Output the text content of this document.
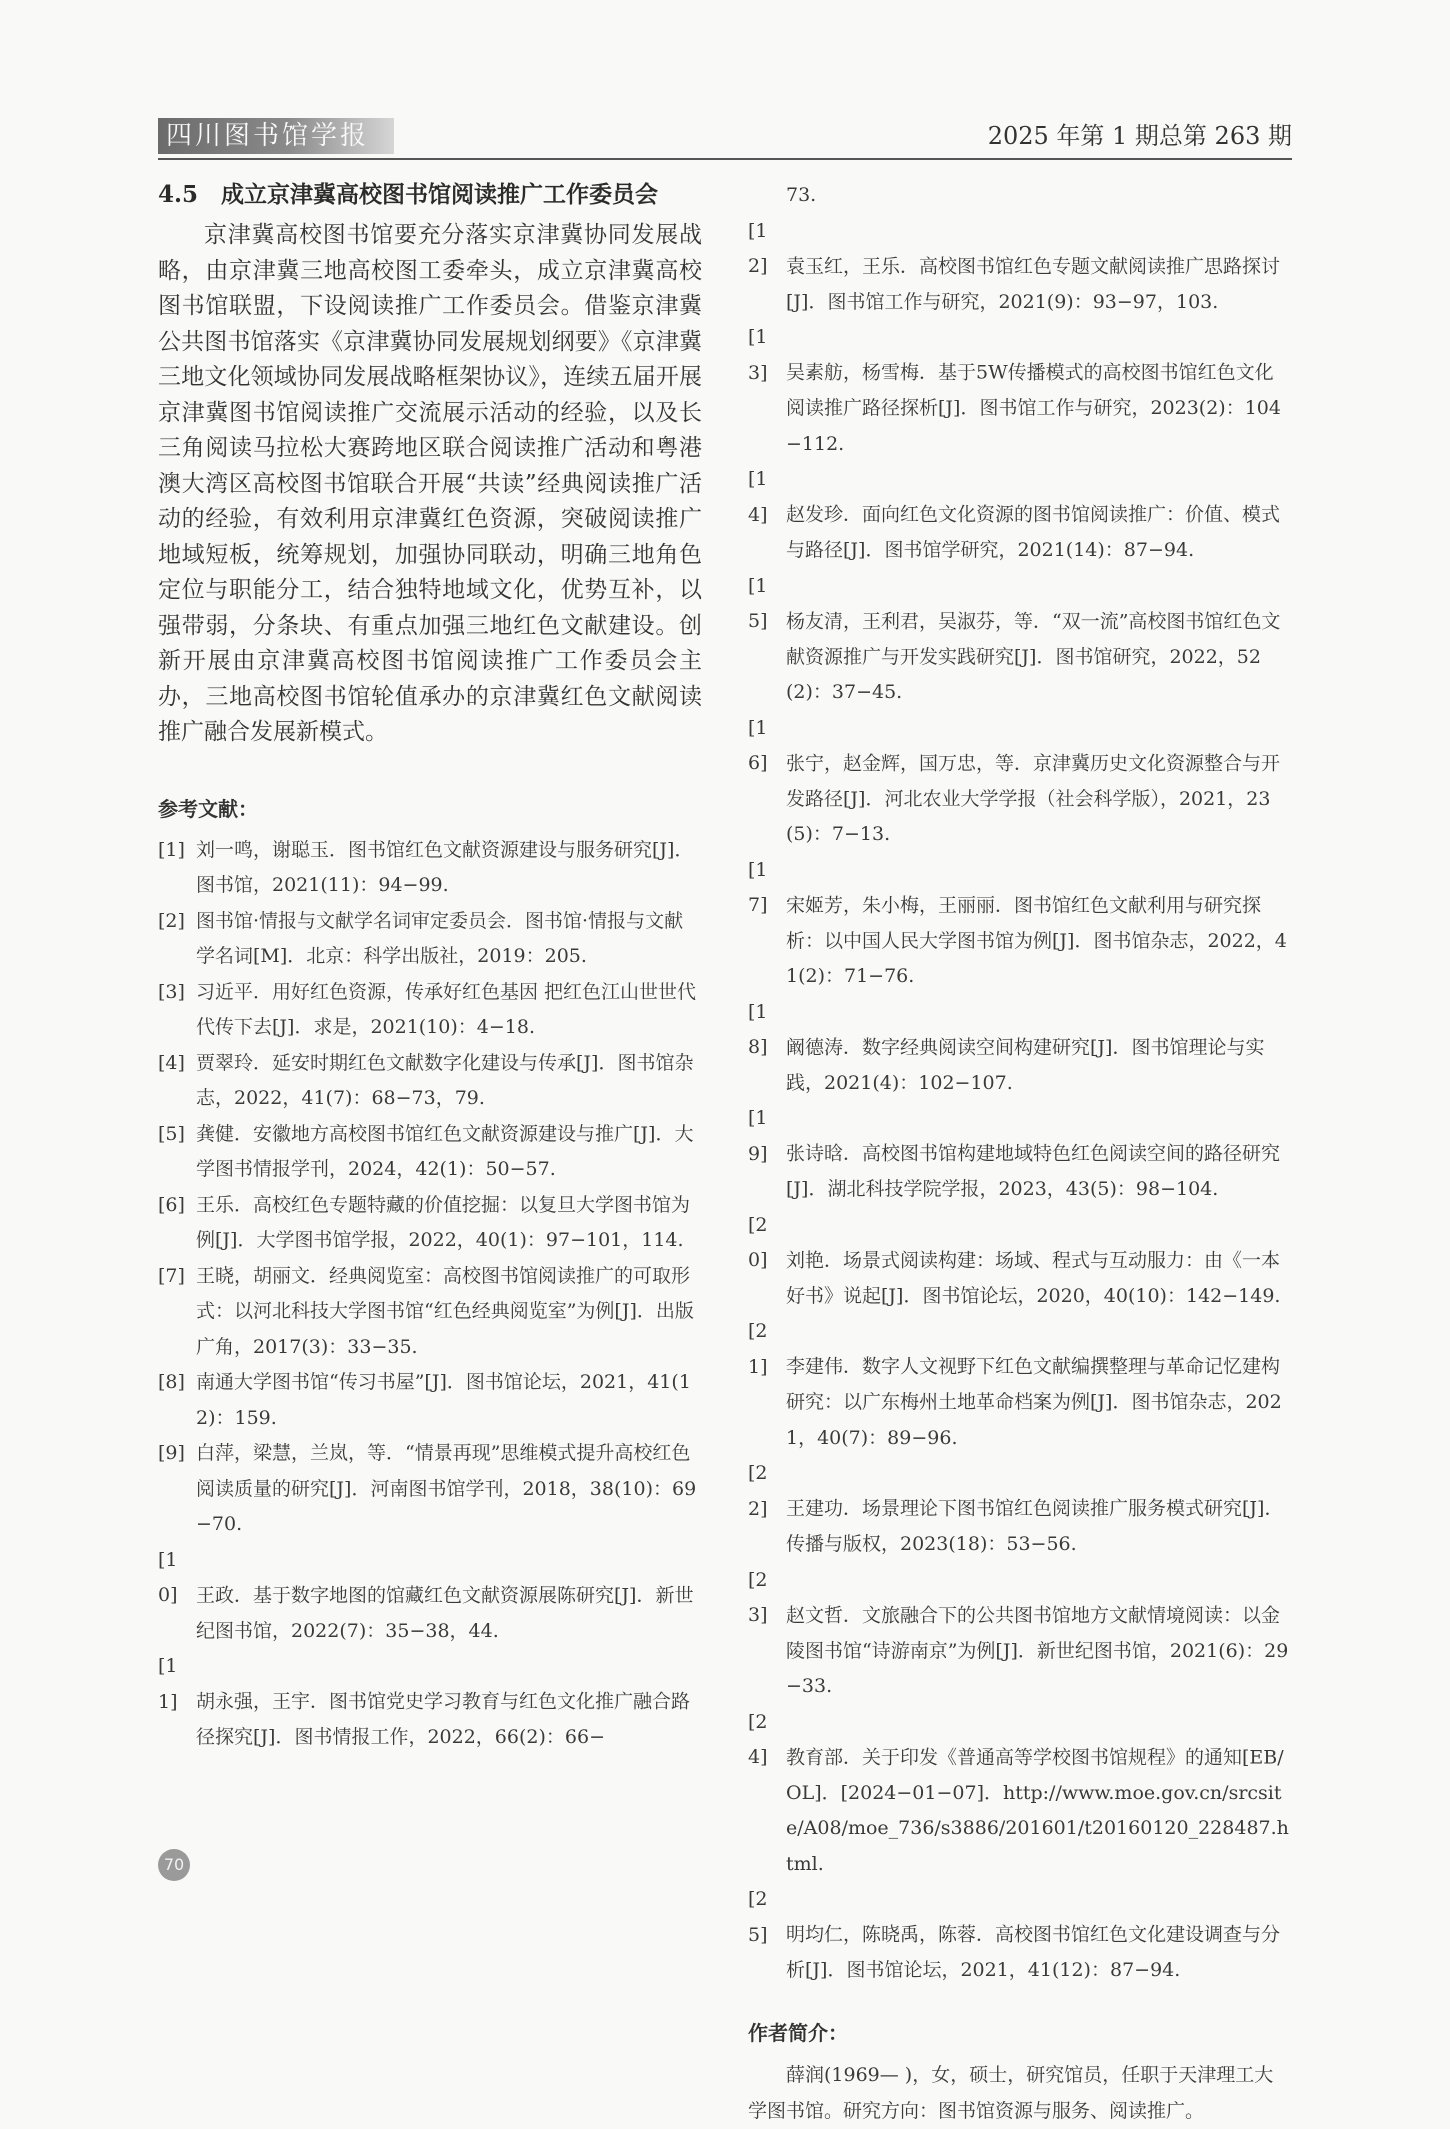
四川图书馆学报	2025 年第 1 期总第 263 期
4.5　成立京津冀高校图书馆阅读推广工作委员会

京津冀高校图书馆要充分落实京津冀协同发展战略，由京津冀三地高校图工委牵头，成立京津冀高校图书馆联盟，下设阅读推广工作委员会。借鉴京津冀公共图书馆落实《京津冀协同发展规划纲要》《京津冀三地文化领域协同发展战略框架协议》，连续五届开展京津冀图书馆阅读推广交流展示活动的经验，以及长三角阅读马拉松大赛跨地区联合阅读推广活动和粤港澳大湾区高校图书馆联合开展“共读”经典阅读推广活动的经验，有效利用京津冀红色资源，突破阅读推广地域短板，统筹规划，加强协同联动，明确三地角色定位与职能分工，结合独特地域文化，优势互补，以强带弱，分条块、有重点加强三地红色文献建设。创新开展由京津冀高校图书馆阅读推广工作委员会主办，三地高校图书馆轮值承办的京津冀红色文献阅读推广融合发展新模式。

参考文献：

[1] 刘一鸣，谢聪玉．图书馆红色文献资源建设与服务研究[J]．图书馆，2021(11)：94−99.

[2] 图书馆·情报与文献学名词审定委员会．图书馆·情报与文献学名词[M]．北京：科学出版社，2019：205.

[3] 习近平．用好红色资源，传承好红色基因 把红色江山世世代代传下去[J]．求是，2021(10)：4−18.

[4] 贾翠玲．延安时期红色文献数字化建设与传承[J]．图书馆杂志，2022，41(7)：68−73，79.

[5] 龚健．安徽地方高校图书馆红色文献资源建设与推广[J]．大学图书情报学刊，2024，42(1)：50−57.

[6] 王乐．高校红色专题特藏的价值挖掘：以复旦大学图书馆为例[J]．大学图书馆学报，2022，40(1)：97−101，114.

[7] 王晓，胡丽文．经典阅览室：高校图书馆阅读推广的可取形式：以河北科技大学图书馆“红色经典阅览室”为例[J]．出版广角，2017(3)：33−35.

[8] 南通大学图书馆“传习书屋”[J]．图书馆论坛，2021，41(12)：159.

[9] 白萍，梁慧，兰岚，等．“情景再现”思维模式提升高校红色阅读质量的研究[J]．河南图书馆学刊，2018，38(10)：69−70.

[10] 王政．基于数字地图的馆藏红色文献资源展陈研究[J]．新世纪图书馆，2022(7)：35−38，44.

[11] 胡永强，王宇．图书馆党史学习教育与红色文化推广融合路径探究[J]．图书情报工作，2022，66(2)：66−

73.

[12] 袁玉红，王乐．高校图书馆红色专题文献阅读推广思路探讨[J]．图书馆工作与研究，2021(9)：93−97，103.

[13] 吴素舫，杨雪梅．基于5W传播模式的高校图书馆红色文化阅读推广路径探析[J]．图书馆工作与研究，2023(2)：104−112.

[14] 赵发珍．面向红色文化资源的图书馆阅读推广：价值、模式与路径[J]．图书馆学研究，2021(14)：87−94.

[15] 杨友清，王利君，吴淑芬，等．“双一流”高校图书馆红色文献资源推广与开发实践研究[J]．图书馆研究，2022，52(2)：37−45.

[16] 张宁，赵金辉，国万忠，等．京津冀历史文化资源整合与开发路径[J]．河北农业大学学报（社会科学版），2021，23(5)：7−13.

[17] 宋姬芳，朱小梅，王丽丽．图书馆红色文献利用与研究探析：以中国人民大学图书馆为例[J]．图书馆杂志，2022，41(2)：71−76.

[18] 阚德涛．数字经典阅读空间构建研究[J]．图书馆理论与实践，2021(4)：102−107.

[19] 张诗晗．高校图书馆构建地域特色红色阅读空间的路径研究[J]．湖北科技学院学报，2023，43(5)：98−104.

[20] 刘艳．场景式阅读构建：场域、程式与互动服力：由《一本好书》说起[J]．图书馆论坛，2020，40(10)：142−149.

[21] 李建伟．数字人文视野下红色文献编撰整理与革命记忆建构研究：以广东梅州土地革命档案为例[J]．图书馆杂志，2021，40(7)：89−96.

[22] 王建功．场景理论下图书馆红色阅读推广服务模式研究[J]．传播与版权，2023(18)：53−56.

[23] 赵文哲．文旅融合下的公共图书馆地方文献情境阅读：以金陵图书馆“诗游南京”为例[J]．新世纪图书馆，2021(6)：29−33.

[24] 教育部．关于印发《普通高等学校图书馆规程》的通知[EB/OL]．[2024−01−07]．http://www.moe.gov.cn/srcsite/A08/moe_736/s3886/201601/t20160120_228487.html.

[25] 明均仁，陈晓禹，陈蓉．高校图书馆红色文化建设调查与分析[J]．图书馆论坛，2021，41(12)：87−94.

作者简介：

薛润(1969— )，女，硕士，研究馆员，任职于天津理工大学图书馆。研究方向：图书馆资源与服务、阅读推广。

70
